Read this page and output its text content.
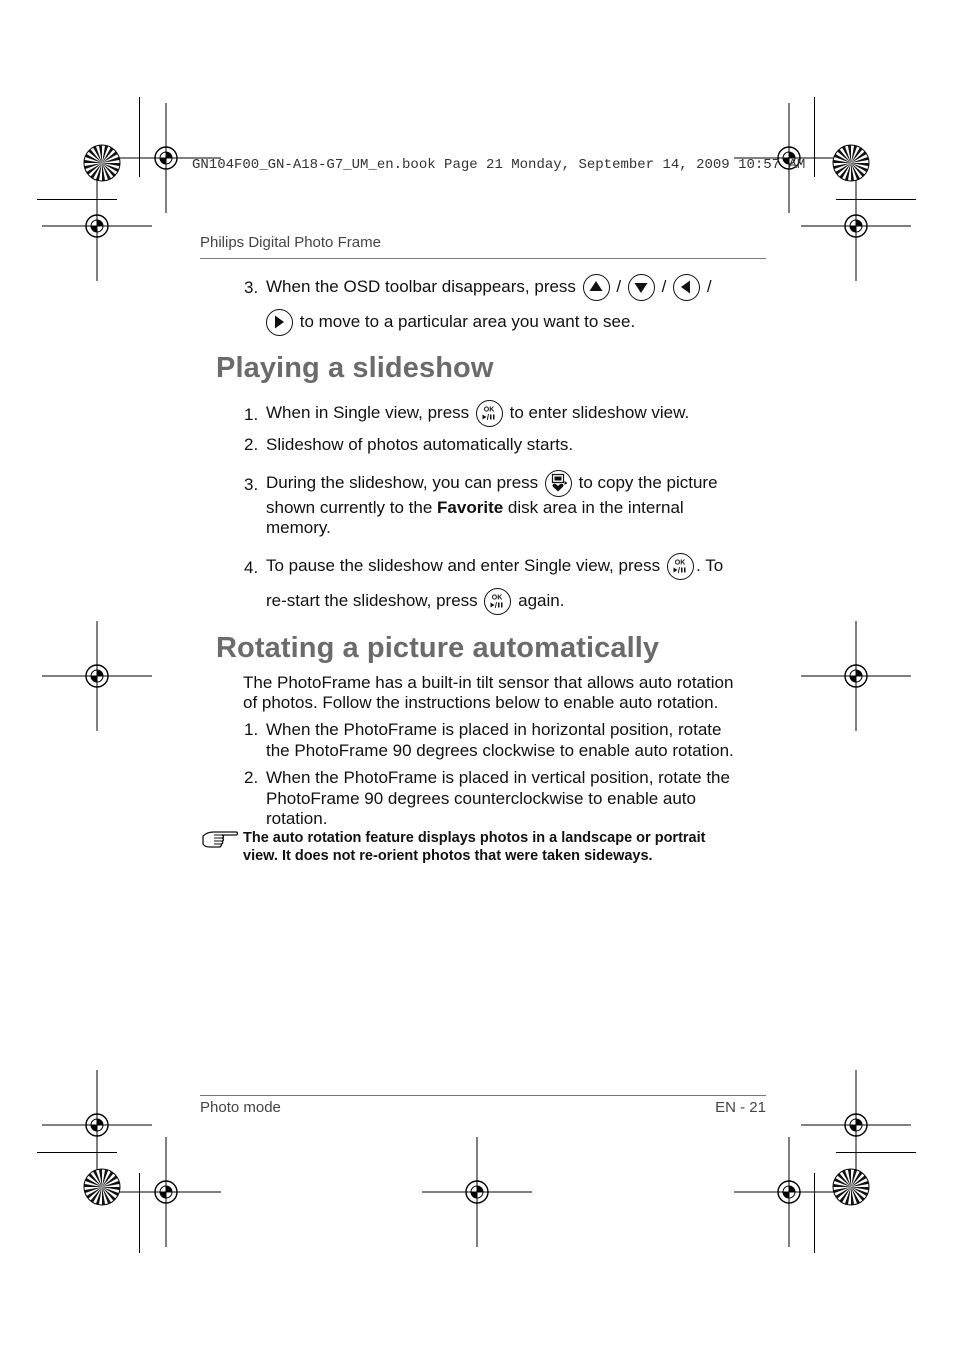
GN104F00_GN-A18-G7_UM_en.book Page 21 Monday, September 14, 2009 10:57 AM
Philips Digital Photo Frame
3. When the OSD toolbar disappears, press / / /
to move to a particular area you want to see.
Playing a slideshow
1. When in Single view, press OK to enter slideshow view.
2. Slideshow of photos automatically starts.
3. During the slideshow, you can press to copy the picture
shown currently to the Favorite disk area in the internal
memory.
4. To pause the slideshow and enter Single view, press OK . To
re-start the slideshow, press OK again.
Rotating a picture automatically
The PhotoFrame has a built-in tilt sensor that allows auto rotation
of photos. Follow the instructions below to enable auto rotation.
1. When the PhotoFrame is placed in horizontal position, rotate
the PhotoFrame 90 degrees clockwise to enable auto rotation.
2. When the PhotoFrame is placed in vertical position, rotate the
PhotoFrame 90 degrees counterclockwise to enable auto
rotation.
The auto rotation feature displays photos in a landscape or portrait
view. It does not re-orient photos that were taken sideways.
Photo mode	EN - 21
